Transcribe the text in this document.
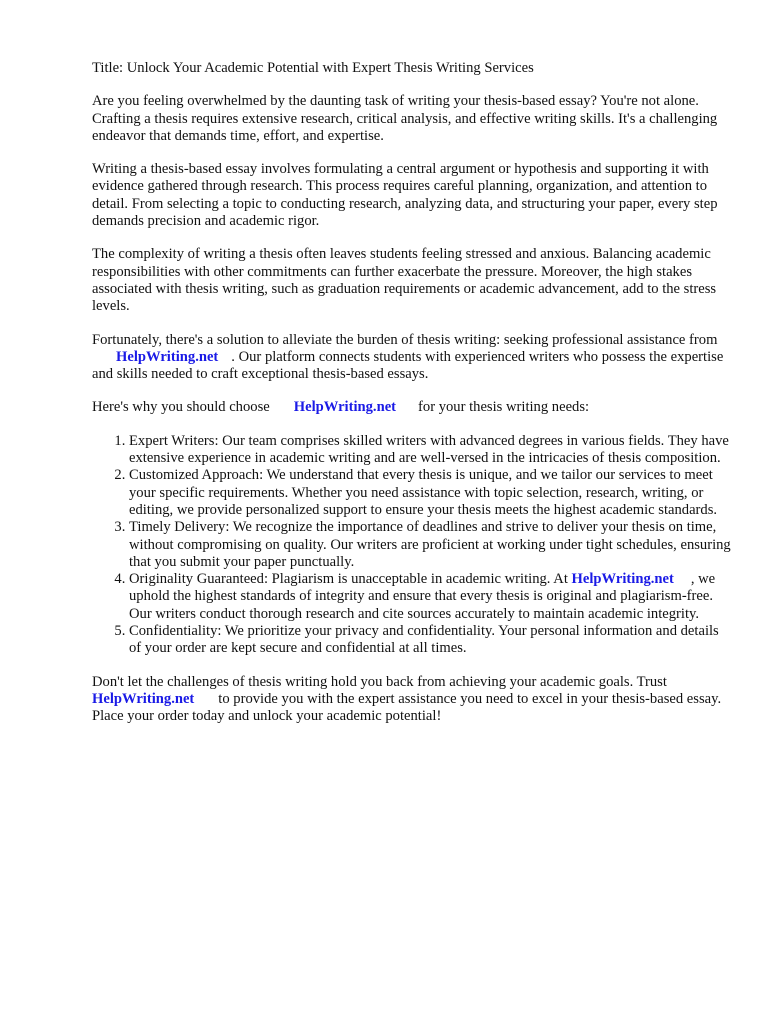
Title: Unlock Your Academic Potential with Expert Thesis Writing Services

Are you feeling overwhelmed by the daunting task of writing your thesis-based essay? You're not alone. Crafting a thesis requires extensive research, critical analysis, and effective writing skills. It's a challenging endeavor that demands time, effort, and expertise.

Writing a thesis-based essay involves formulating a central argument or hypothesis and supporting it with evidence gathered through research. This process requires careful planning, organization, and attention to detail. From selecting a topic to conducting research, analyzing data, and structuring your paper, every step demands precision and academic rigor.

The complexity of writing a thesis often leaves students feeling stressed and anxious. Balancing academic responsibilities with other commitments can further exacerbate the pressure. Moreover, the high stakes associated with thesis writing, such as graduation requirements or academic advancement, add to the stress levels.

Fortunately, there's a solution to alleviate the burden of thesis writing: seeking professional assistance fromHelpWriting.net . Our platform connects students with experienced writers who possess the expertise and skills needed to craft exceptional thesis-based essays.

Here's why you should choose HelpWriting.net for your thesis writing needs:

1. Expert Writers: Our team comprises skilled writers with advanced degrees in various fields. They have extensive experience in academic writing and are well-versed in the intricacies of thesis composition.
2. Customized Approach: We understand that every thesis is unique, and we tailor our services to meet your specific requirements. Whether you need assistance with topic selection, research, writing, or editing, we provide personalized support to ensure your thesis meets the highest academic standards.
3. Timely Delivery: We recognize the importance of deadlines and strive to deliver your thesis on time, without compromising on quality. Our writers are proficient at working under tight schedules, ensuring that you submit your paper punctually.
4. Originality Guaranteed: Plagiarism is unacceptable in academic writing. At HelpWriting.net , we uphold the highest standards of integrity and ensure that every thesis is original and plagiarism-free. Our writers conduct thorough research and cite sources accurately to maintain academic integrity.
5. Confidentiality: We prioritize your privacy and confidentiality. Your personal information and details of your order are kept secure and confidential at all times.

Don't let the challenges of thesis writing hold you back from achieving your academic goals. Trust HelpWriting.net to provide you with the expert assistance you need to excel in your thesis-based essay. Place your order today and unlock your academic potential!
